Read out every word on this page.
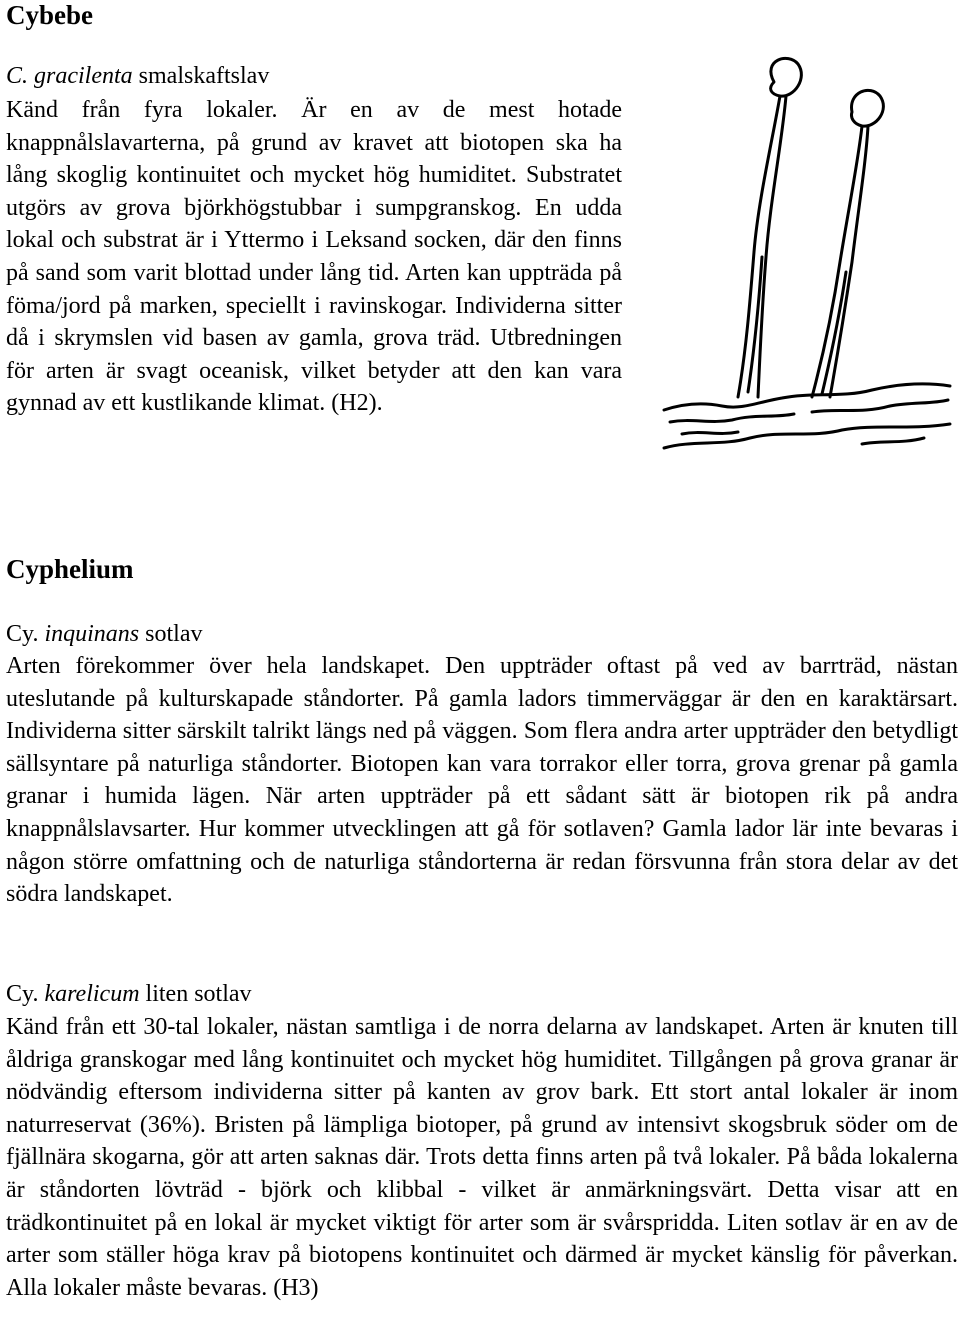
Cybebe

C. gracilenta smalskaftslav

Känd från fyra lokaler. Är en av de mest hotade knappnålslavarterna, på grund av kravet att biotopen ska ha lång skoglig kontinuitet och mycket hög humiditet. Substratet utgörs av grova björkhögstubbar i sumpgranskog. En udda lokal och substrat är i Yttermo i Leksand socken, där den finns på sand som varit blottad under lång tid. Arten kan uppträda på föma/jord på marken, speciellt i ravinskogar. Individerna sitter då i skrymslen vid basen av gamla, grova träd. Utbredningen för arten är svagt oceanisk, vilket betyder att den kan vara gynnad av ett kustlikande klimat. (H2).

Cyphelium

Cy. inquinans sotlav

Arten förekommer över hela landskapet. Den uppträder oftast på ved av barrträd, nästan uteslutande på kulturskapade ståndorter. På gamla ladors timmerväggar är den en karaktärsart. Individerna sitter särskilt talrikt längs ned på väggen. Som flera andra arter uppträder den betydligt sällsyntare på naturliga ståndorter. Biotopen kan vara torrakor eller torra, grova grenar på gamla granar i humida lägen. När arten uppträder på ett sådant sätt är biotopen rik på andra knappnålslavsarter. Hur kommer utvecklingen att gå för sotlaven? Gamla lador lär inte bevaras i någon större omfattning och de naturliga ståndorterna är redan försvunna från stora delar av det södra landskapet.

Cy. karelicum liten sotlav

Känd från ett 30-tal lokaler, nästan samtliga i de norra delarna av landskapet. Arten är knuten till åldriga granskogar med lång kontinuitet och mycket hög humiditet. Tillgången på grova granar är nödvändig eftersom individerna sitter på kanten av grov bark. Ett stort antal lokaler är inom naturreservat (36%). Bristen på lämpliga biotoper, på grund av intensivt skogsbruk söder om de fjällnära skogarna, gör att arten saknas där. Trots detta finns arten på två lokaler. På båda lokalerna är ståndorten lövträd - björk och klibbal - vilket är anmärkningsvärt. Detta visar att en trädkontinuitet på en lokal är mycket viktigt för arter som är svårspridda. Liten sotlav är en av de arter som ställer höga krav på biotopens kontinuitet och därmed är mycket känslig för påverkan. Alla lokaler måste bevaras. (H3)
